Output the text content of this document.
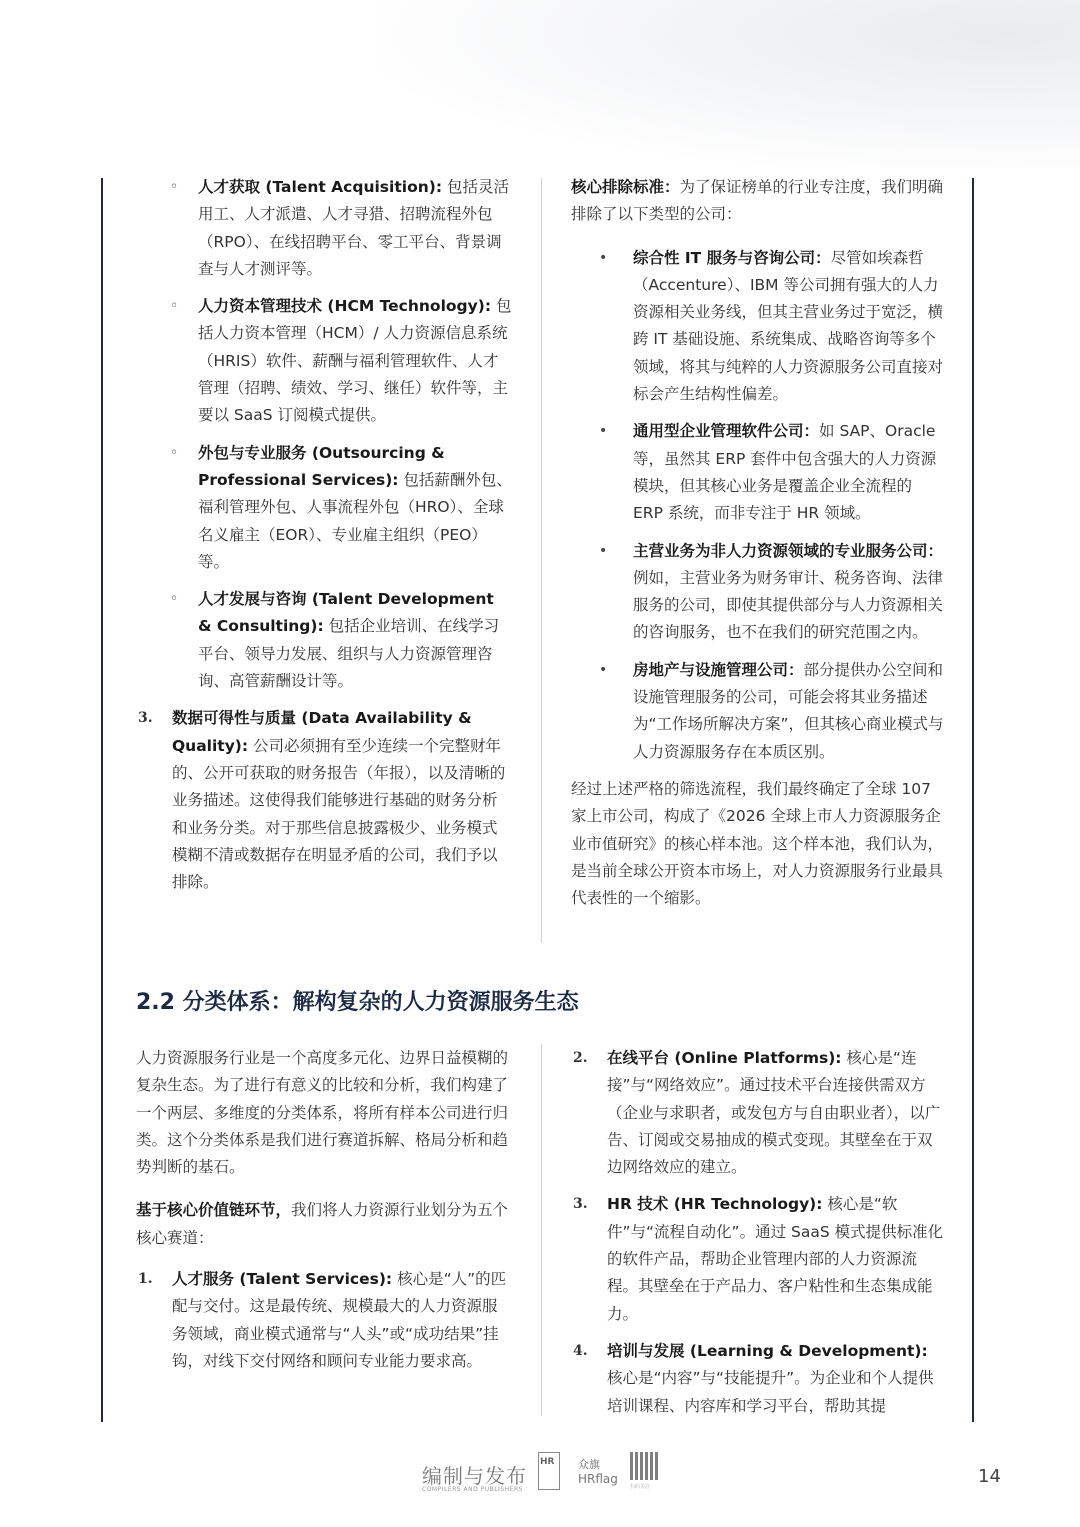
◦ 人才获取 (Talent Acquisition): 包括灵活用工、人才派遣、人才寻猎、招聘流程外包（RPO）、在线招聘平台、零工平台、背景调查与人才测评等。
◦ 人力资本管理技术 (HCM Technology): 包括人力资本管理（HCM）/ 人力资源信息系统（HRIS）软件、薪酬与福利管理软件、人才管理（招聘、绩效、学习、继任）软件等，主要以 SaaS 订阅模式提供。
◦ 外包与专业服务 (Outsourcing & Professional Services): 包括薪酬外包、福利管理外包、人事流程外包（HRO）、全球名义雇主（EOR）、专业雇主组织（PEO）等。
◦ 人才发展与咨询 (Talent Development & Consulting): 包括企业培训、在线学习平台、领导力发展、组织与人力资源管理咨询、高管薪酬设计等。
3. 数据可得性与质量 (Data Availability & Quality): 公司必须拥有至少连续一个完整财年的、公开可获取的财务报告（年报），以及清晰的业务描述。这使得我们能够进行基础的财务分析和业务分类。对于那些信息披露极少、业务模式模糊不清或数据存在明显矛盾的公司，我们予以排除。

核心排除标准：为了保证榜单的行业专注度，我们明确排除了以下类型的公司：

• 综合性 IT 服务与咨询公司：尽管如埃森哲（Accenture）、IBM 等公司拥有强大的人力资源相关业务线，但其主营业务过于宽泛，横跨 IT 基础设施、系统集成、战略咨询等多个领域，将其与纯粹的人力资源服务公司直接对标会产生结构性偏差。
• 通用型企业管理软件公司：如 SAP、Oracle 等，虽然其 ERP 套件中包含强大的人力资源模块，但其核心业务是覆盖企业全流程的 ERP 系统，而非专注于 HR 领域。
• 主营业务为非人力资源领域的专业服务公司：例如，主营业务为财务审计、税务咨询、法律服务的公司，即使其提供部分与人力资源相关的咨询服务，也不在我们的研究范围之内。
• 房地产与设施管理公司：部分提供办公空间和设施管理服务的公司，可能会将其业务描述为“工作场所解决方案”，但其核心商业模式与人力资源服务存在本质区别。

经过上述严格的筛选流程，我们最终确定了全球 107 家上市公司，构成了《2026 全球上市人力资源服务企业市值研究》的核心样本池。这个样本池，我们认为，是当前全球公开资本市场上，对人力资源服务行业最具代表性的一个缩影。

2.2 分类体系：解构复杂的人力资源服务生态

人力资源服务行业是一个高度多元化、边界日益模糊的复杂生态。为了进行有意义的比较和分析，我们构建了一个两层、多维度的分类体系，将所有样本公司进行归类。这个分类体系是我们进行赛道拆解、格局分析和趋势判断的基石。

基于核心价值链环节，我们将人力资源行业划分为五个核心赛道：

1. 人才服务 (Talent Services): 核心是“人”的匹配与交付。这是最传统、规模最大的人力资源服务领域，商业模式通常与“人头”或“成功结果”挂钩，对线下交付网络和顾问专业能力要求高。
2. 在线平台 (Online Platforms): 核心是“连接”与“网络效应”。通过技术平台连接供需双方（企业与求职者，或发包方与自由职业者），以广告、订阅或交易抽成的模式变现。其壁垒在于双边网络效应的建立。
3. HR 技术 (HR Technology): 核心是“软件”与“流程自动化”。通过 SaaS 模式提供标准化的软件产品，帮助企业管理内部的人力资源流程。其壁垒在于产品力、客户粘性和生态集成能力。
4. 培训与发展 (Learning & Development): 核心是“内容”与“技能提升”。为企业和个人提供培训课程、内容库和学习平台，帮助其提
编制与发布
COMPILERS AND PUBLISHERS
HR 众旗
HRflag
扫码关注	14
